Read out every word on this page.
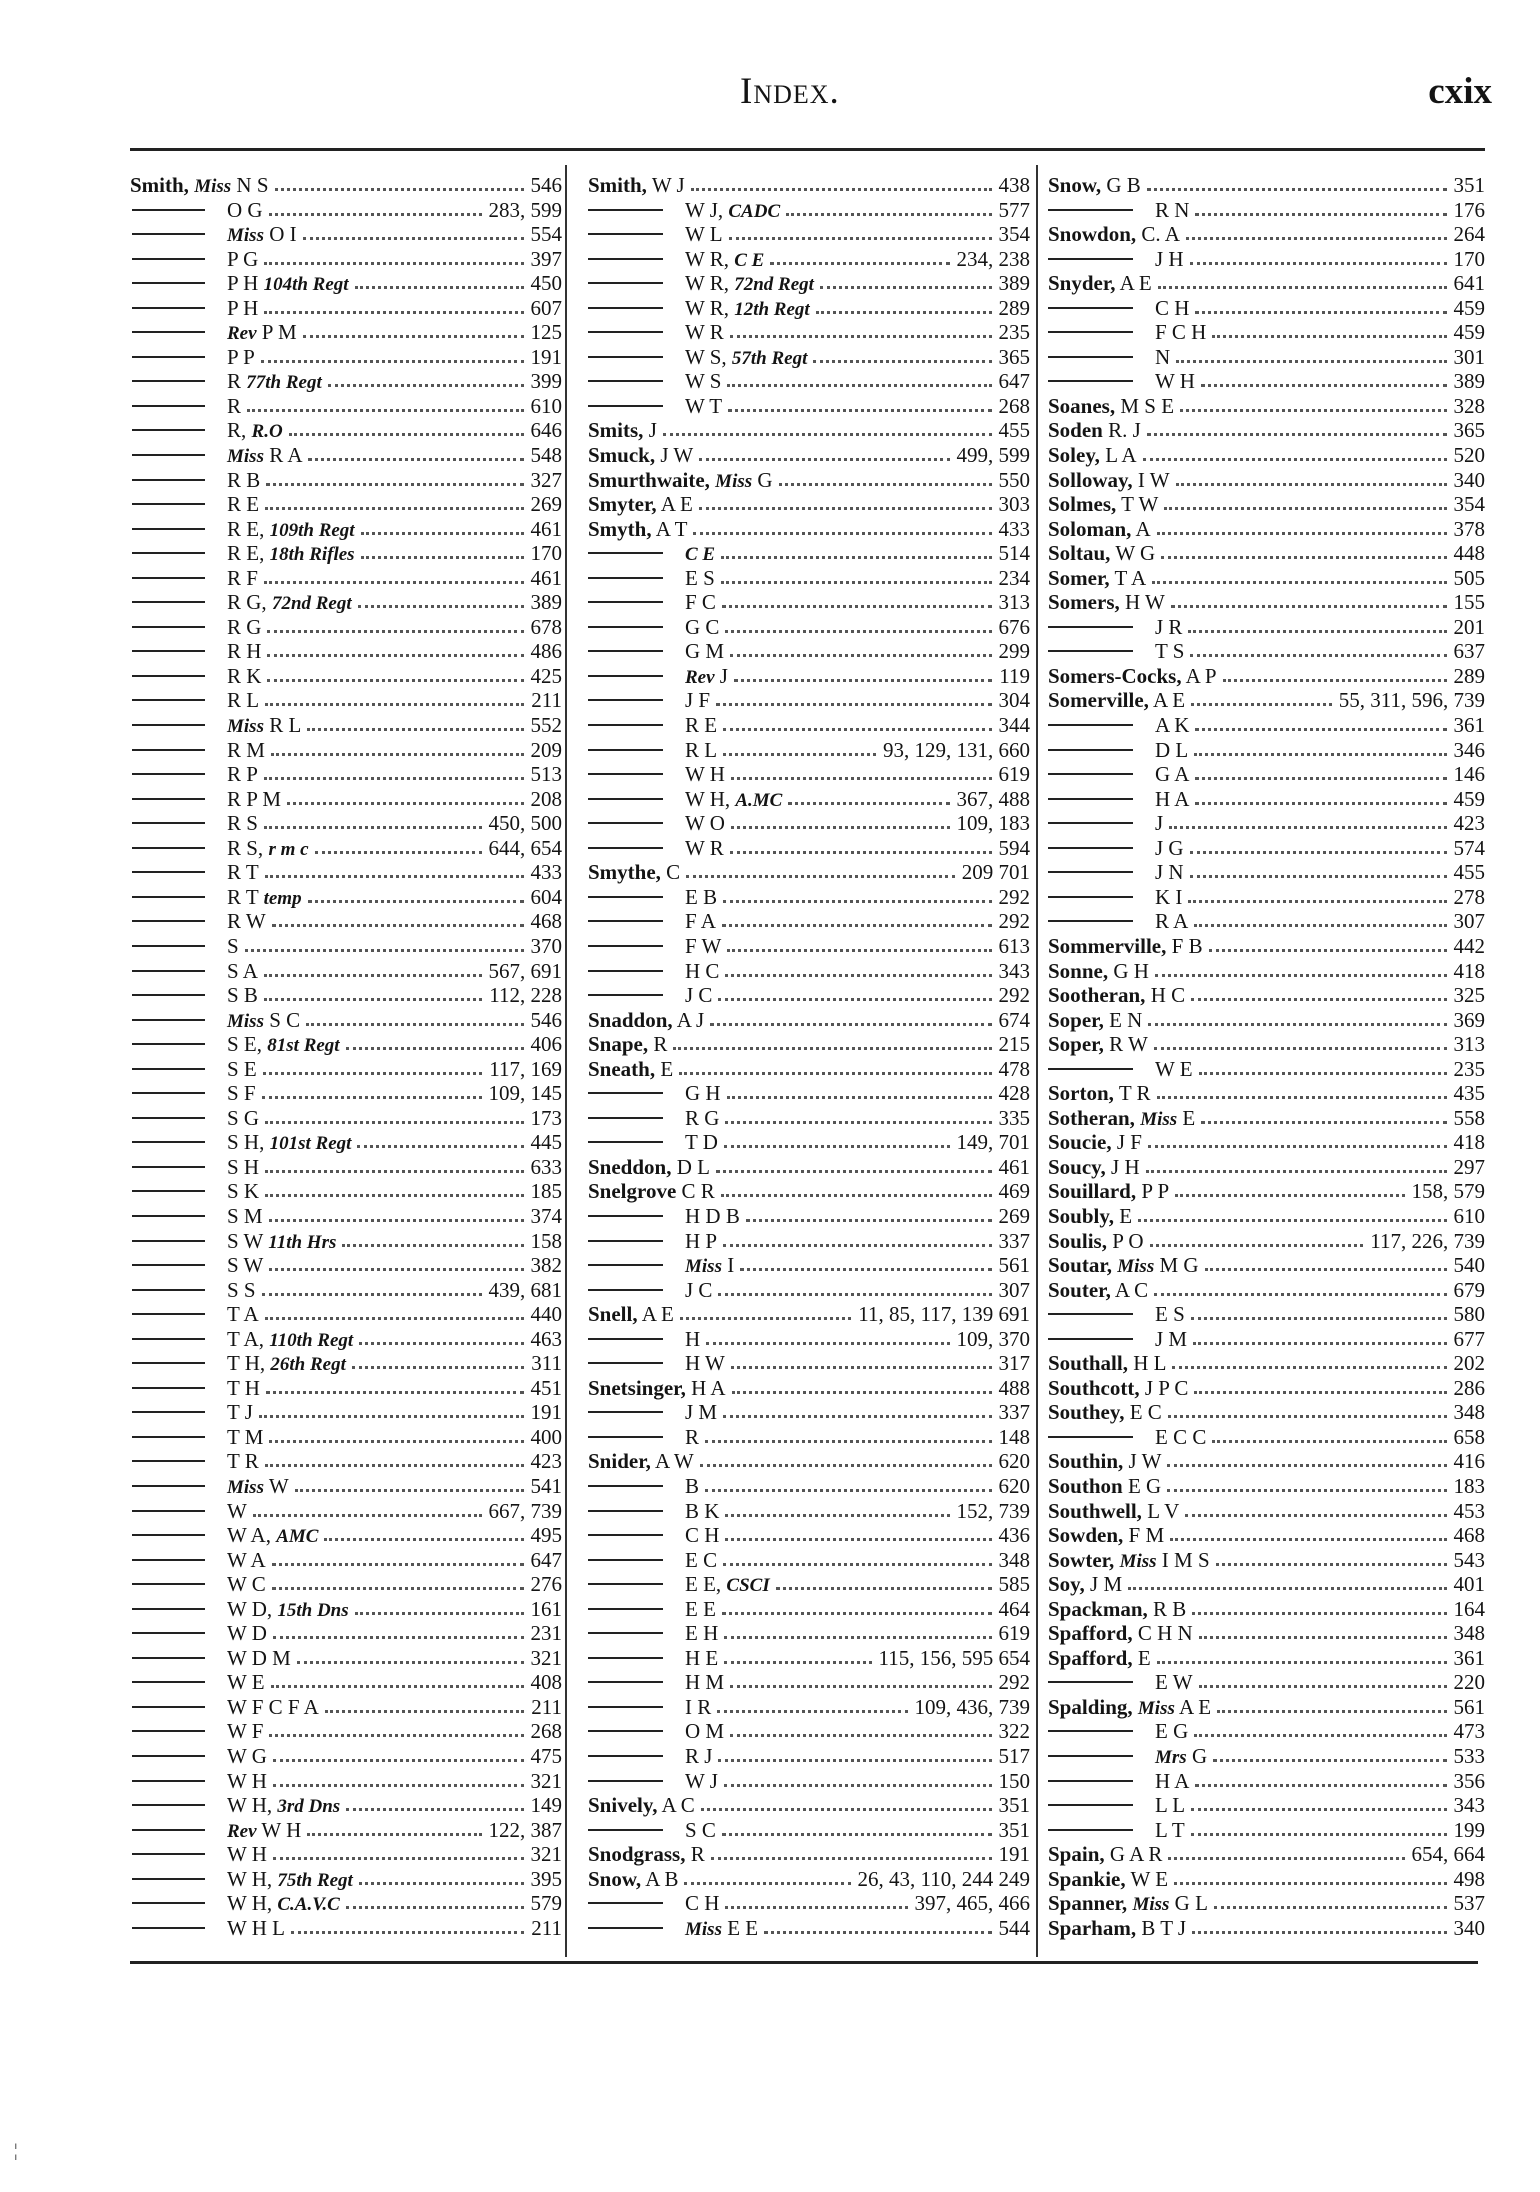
Index.	cxix
Smith, Miss N S	546
O G	283, 599
Miss O I	554
P G	397
P H 104th Regt	450
P H	607
Rev P M	125
P P	191
R 77th Regt	399
R	610
R, R.O	646
Miss R A	548
R B	327
R E	269
R E, 109th Regt	461
R E, 18th Rifles	170
R F	461
R G, 72nd Regt	389
R G	678
R H	486
R K	425
R L	211
Miss R L	552
R M	209
R P	513
R P M	208
R S	450, 500
R S, r m c	644, 654
R T	433
R T temp	604
R W	468
S	370
S A	567, 691
S B	112, 228
Miss S C	546
S E, 81st Regt	406
S E	117, 169
S F	109, 145
S G	173
S H, 101st Regt	445
S H	633
S K	185
S M	374
S W 11th Hrs	158
S W	382
S S	439, 681
T A	440
T A, 110th Regt	463
T H, 26th Regt	311
T H	451
T J	191
T M	400
T R	423
Miss W	541
W	667, 739
W A, AMC	495
W A	647
W C	276
W D, 15th Dns	161
W D	231
W D M	321
W E	408
W F C F A	211
W F	268
W G	475
W H	321
W H, 3rd Dns	149
Rev W H	122, 387
W H	321
W H, 75th Regt	395
W H, C.A.V.C	579
W H L	211
Smith, W J	438
W J, CADC	577
W L	354
W R, C E	234, 238
W R, 72nd Regt	389
W R, 12th Regt	289
W R	235
W S, 57th Regt	365
W S	647
W T	268
Smits, J	455
Smuck, J W	499, 599
Smurthwaite, Miss G	550
Smyter, A E	303
Smyth, A T	433
C E	514
E S	234
F C	313
G C	676
G M	299
Rev J	119
J F	304
R E	344
R L	93, 129, 131, 660
W H	619
W H, A.MC	367, 488
W O	109, 183
W R	594
Smythe, C	209 701
E B	292
F A	292
F W	613
H C	343
J C	292
Snaddon, A J	674
Snape, R	215
Sneath, E	478
G H	428
R G	335
T D	149, 701
Sneddon, D L	461
Snelgrove C R	469
H D B	269
H P	337
Miss I	561
J C	307
Snell, A E	11, 85, 117, 139 691
H	109, 370
H W	317
Snetsinger, H A	488
J M	337
R	148
Snider, A W	620
B	620
B K	152, 739
C H	436
E C	348
E E, CSCI	585
E E	464
E H	619
H E	115, 156, 595 654
H M	292
I R	109, 436, 739
O M	322
R J	517
W J	150
Snively, A C	351
S C	351
Snodgrass, R	191
Snow, A B	26, 43, 110, 244 249
C H	397, 465, 466
Miss E E	544
Snow, G B	351
R N	176
Snowdon, C. A	264
J H	170
Snyder, A E	641
C H	459
F C H	459
N	301
W H	389
Soanes, M S E	328
Soden R. J	365
Soley, L A	520
Solloway, I W	340
Solmes, T W	354
Soloman, A	378
Soltau, W G	448
Somer, T A	505
Somers, H W	155
J R	201
T S	637
Somers-Cocks, A P	289
Somerville, A E	55, 311, 596, 739
A K	361
D L	346
G A	146
H A	459
J	423
J G	574
J N	455
K I	278
R A	307
Sommerville, F B	442
Sonne, G H	418
Sootheran, H C	325
Soper, E N	369
Soper, R W	313
W E	235
Sorton, T R	435
Sotheran, Miss E	558
Soucie, J F	418
Soucy, J H	297
Souillard, P P	158, 579
Soubly, E	610
Soulis, P O	117, 226, 739
Soutar, Miss M G	540
Souter, A C	679
E S	580
J M	677
Southall, H L	202
Southcott, J P C	286
Southey, E C	348
E C C	658
Southin, J W	416
Southon E G	183
Southwell, L V	453
Sowden, F M	468
Sowter, Miss I M S	543
Soy, J M	401
Spackman, R B	164
Spafford, C H N	348
Spafford, E	361
E W	220
Spalding, Miss A E	561
E G	473
Mrs G	533
H A	356
L L	343
L T	199
Spain, G A R	654, 664
Spankie, W E	498
Spanner, Miss G L	537
Sparham, B T J	340
¦
